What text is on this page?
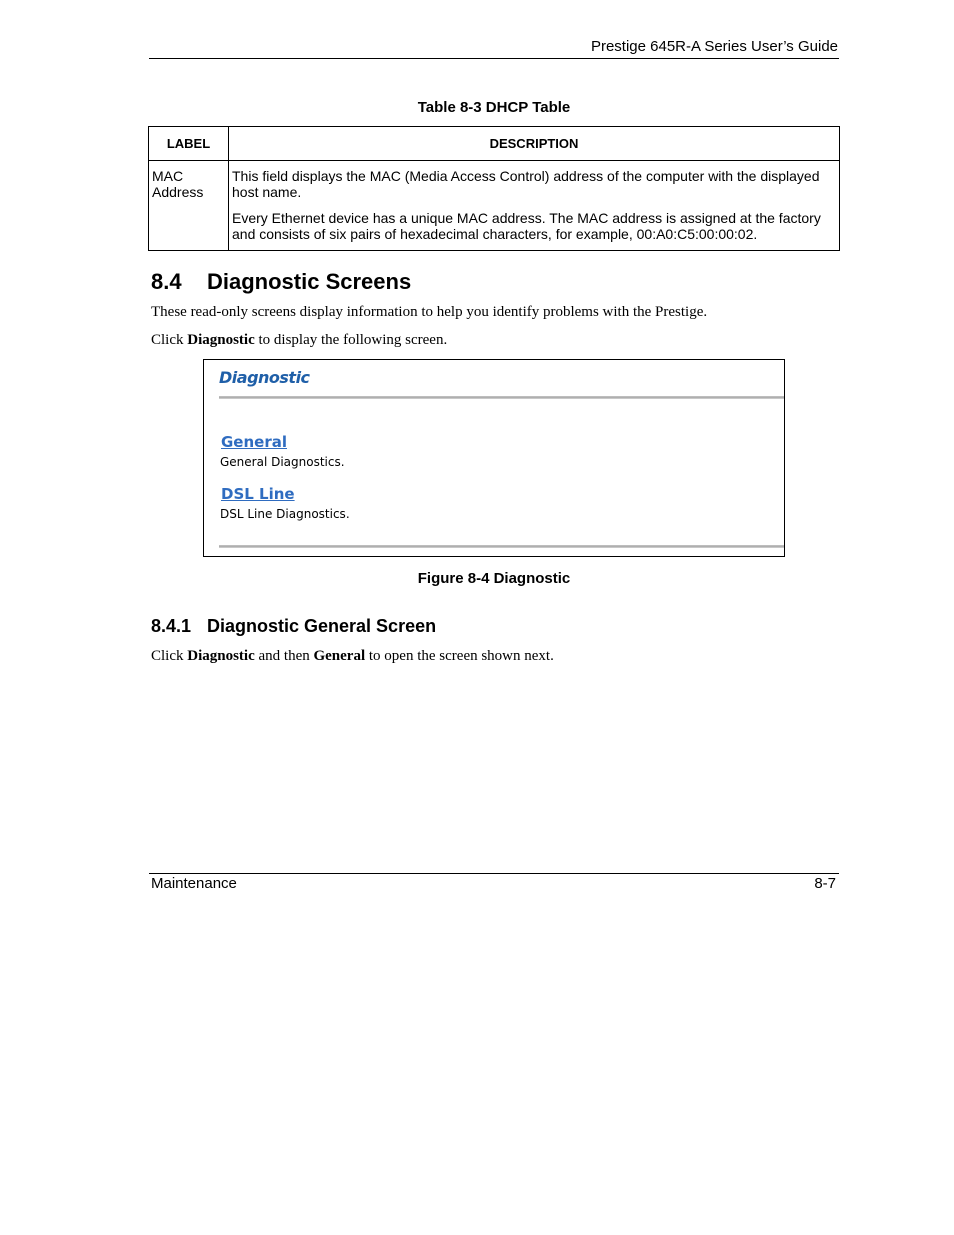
Prestige 645R-A Series User’s Guide
Table 8-3 DHCP Table
LABEL	DESCRIPTION
MAC Address	This field displays the MAC (Media Access Control) address of the computer with the displayed host name.

Every Ethernet device has a unique MAC address. The MAC address is assigned at the factory and consists of six pairs of hexadecimal characters, for example, 00:A0:C5:00:00:02.

8.4 Diagnostic Screens
These read-only screens display information to help you identify problems with the Prestige.
Click Diagnostic to display the following screen.
Diagnostic
General
General Diagnostics.
DSL Line
DSL Line Diagnostics.
Figure 8-4 Diagnostic
8.4.1 Diagnostic General Screen
Click Diagnostic and then General to open the screen shown next.
Maintenance	8-7
